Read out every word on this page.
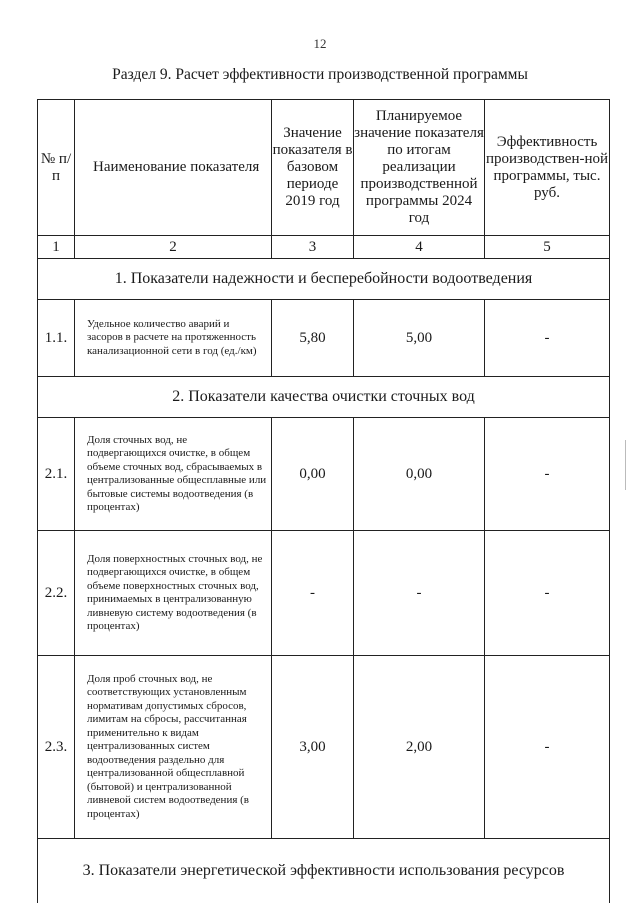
12
Раздел 9. Расчет эффективности производственной программы
№ п/п	Наименование показателя	Значение показателя в базовом периоде 2019 год	Планируемое значение показателя по итогам реализации производственной программы 2024 год	Эффективность производствен-ной программы, тыс. руб.
1	2	3	4	5
1. Показатели надежности и бесперебойности водоотведения				
1.1.	Удельное количество аварий и засоров в расчете на протяженность канализационной сети в год (ед./км)	5,80	5,00	-
2. Показатели качества очистки сточных вод				
2.1.	Доля сточных вод, не подвергающихся очистке, в общем объеме сточных вод, сбрасываемых в централизованные общесплавные или бытовые системы водоотведения (в процентах)	0,00	0,00	-
2.2.	Доля поверхностных сточных вод, не подвергающихся очистке, в общем объеме поверхностных сточных вод, принимаемых в централизованную ливневую систему водоотведения (в процентах)	-	-	-
2.3.	Доля проб сточных вод, не соответствующих установленным нормативам допустимых сбросов, лимитам на сбросы, рассчитанная применительно к видам централизованных систем водоотведения раздельно для централизованной общесплавной (бытовой) и централизованной ливневой систем водоотведения (в процентах)	3,00	2,00	-
3. Показатели энергетической эффективности использования ресурсов				
